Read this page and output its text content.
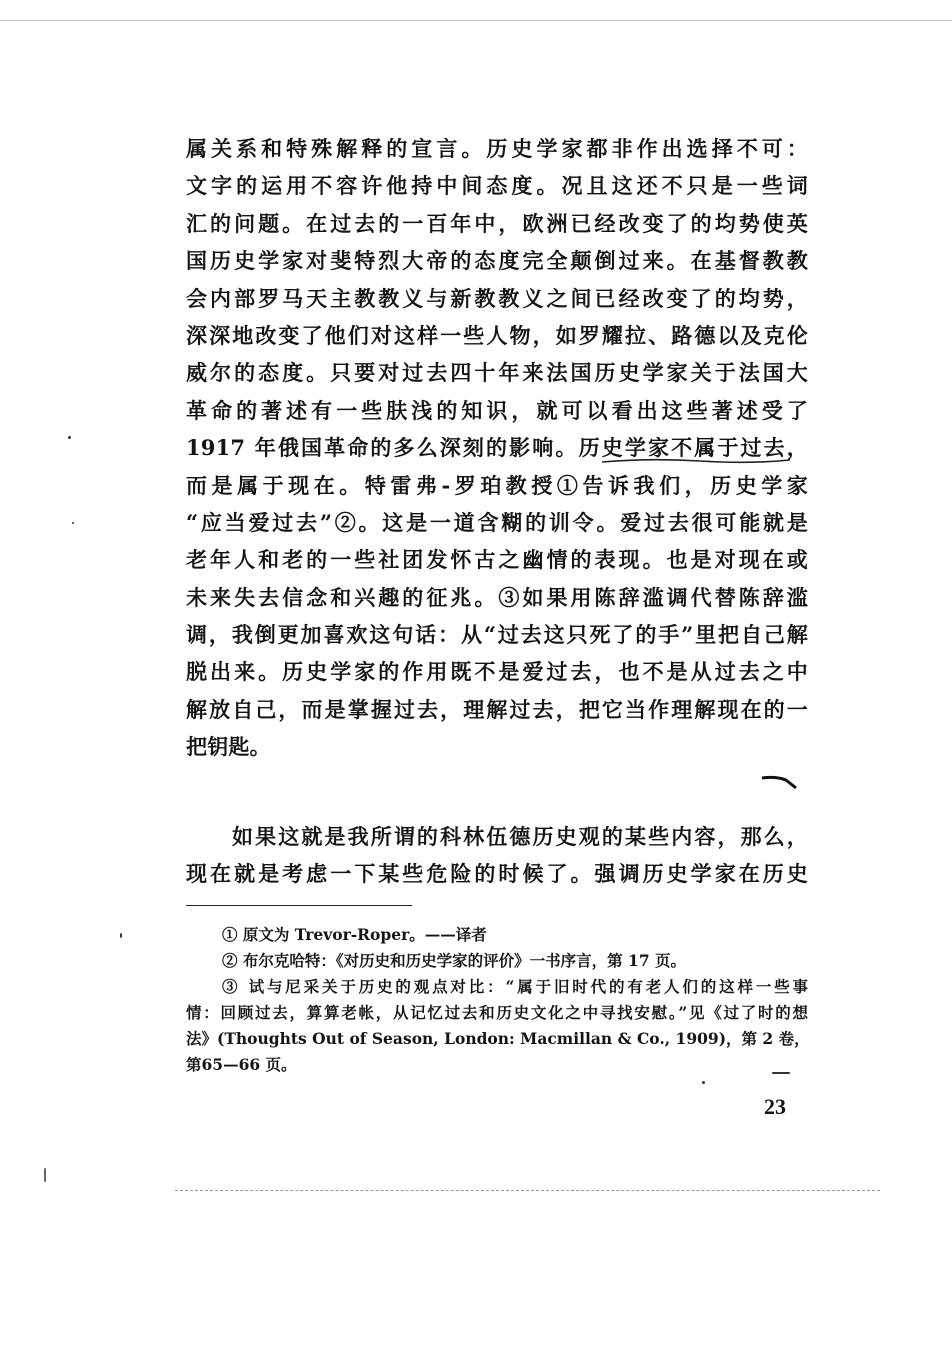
属关系和特殊解释的宣言。历史学家都非作出选择不可：
文字的运用不容许他持中间态度。况且这还不只是一些词
汇的问题。在过去的一百年中，欧洲已经改变了的均势使英
国历史学家对斐特烈大帝的态度完全颠倒过来。在基督教教
会内部罗马天主教教义与新教教义之间已经改变了的均势，
深深地改变了他们对这样一些人物，如罗耀拉、路德以及克伦
威尔的态度。只要对过去四十年来法国历史学家关于法国大
革命的著述有一些肤浅的知识，就可以看出这些著述受了
1917 年俄国革命的多么深刻的影响。历史学家不属于过去，
而是属于现在。特雷弗-罗珀教授①告诉我们，历史学家
“应当爱过去”②。这是一道含糊的训令。爱过去很可能就是
老年人和老的一些社团发怀古之幽情的表现。也是对现在或
未来失去信念和兴趣的征兆。③如果用陈辞滥调代替陈辞滥
调，我倒更加喜欢这句话：从“过去这只死了的手”里把自己解
脱出来。历史学家的作用既不是爱过去，也不是从过去之中
解放自己，而是掌握过去，理解过去，把它当作理解现在的一
把钥匙。
如果这就是我所谓的科林伍德历史观的某些内容，那么，
现在就是考虑一下某些危险的时候了。强调历史学家在历史
① 原文为 Trevor-Roper。——译者
② 布尔克哈特：《对历史和历史学家的评价》一书序言，第 17 页。
③ 试与尼采关于历史的观点对比：“属于旧时代的有老人们的这样一些事
情：回顾过去，算算老帐，从记忆过去和历史文化之中寻找安慰。”见《过了时的想
法》(Thoughts Out of Season, London: Macmillan & Co., 1909)，第 2 卷，
第65—66 页。
23
